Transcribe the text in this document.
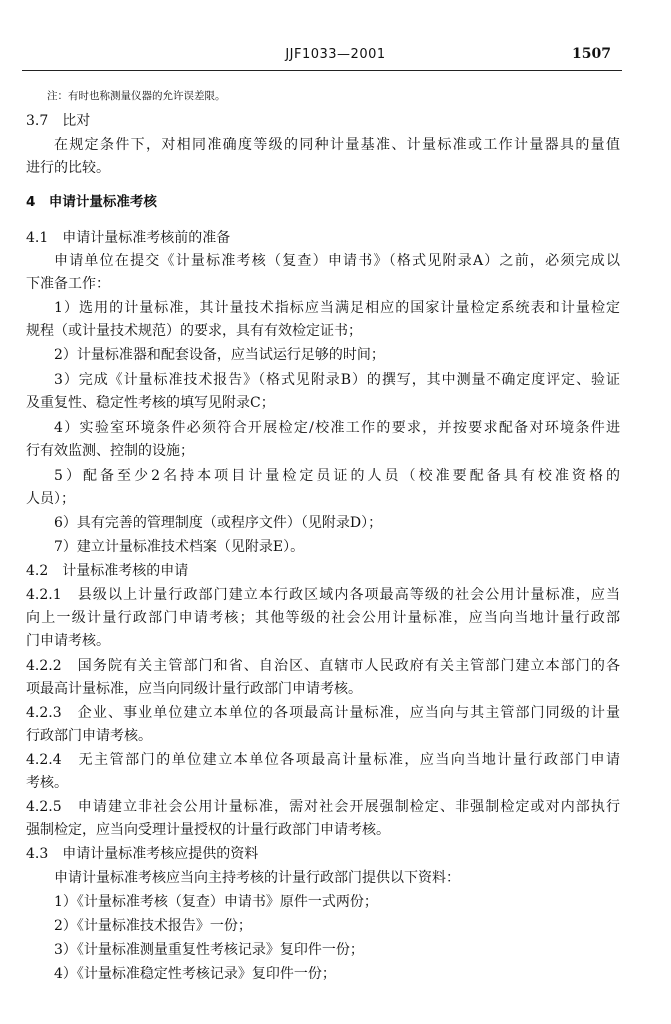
JJF1033—2001	1507
注：有时也称测量仪器的允许误差限。
3.7　比对
在规定条件下，对相同准确度等级的同种计量基准、计量标准或工作计量器具的量值
进行的比较。
4　申请计量标准考核
4.1　申请计量标准考核前的准备
申请单位在提交《计量标准考核（复查）申请书》（格式见附录A）之前，必须完成以
下准备工作：
1）选用的计量标准，其计量技术指标应当满足相应的国家计量检定系统表和计量检定
规程（或计量技术规范）的要求，具有有效检定证书；
2）计量标准器和配套设备，应当试运行足够的时间；
3）完成《计量标准技术报告》（格式见附录B）的撰写，其中测量不确定度评定、验证
及重复性、稳定性考核的填写见附录C；
4）实验室环境条件必须符合开展检定/校准工作的要求，并按要求配备对环境条件进
行有效监测、控制的设施；
5）配备至少2名持本项目计量检定员证的人员（校准要配备具有校准资格的
人员）；
6）具有完善的管理制度（或程序文件）（见附录D）；
7）建立计量标准技术档案（见附录E）。
4.2　计量标准考核的申请
4.2.1　县级以上计量行政部门建立本行政区域内各项最高等级的社会公用计量标准，应当
向上一级计量行政部门申请考核；其他等级的社会公用计量标准，应当向当地计量行政部
门申请考核。
4.2.2　国务院有关主管部门和省、自治区、直辖市人民政府有关主管部门建立本部门的各
项最高计量标准，应当向同级计量行政部门申请考核。
4.2.3　企业、事业单位建立本单位的各项最高计量标准，应当向与其主管部门同级的计量
行政部门申请考核。
4.2.4　无主管部门的单位建立本单位各项最高计量标准，应当向当地计量行政部门申请
考核。
4.2.5　申请建立非社会公用计量标准，需对社会开展强制检定、非强制检定或对内部执行
强制检定，应当向受理计量授权的计量行政部门申请考核。
4.3　申请计量标准考核应提供的资料
申请计量标准考核应当向主持考核的计量行政部门提供以下资料：
1）《计量标准考核（复查）申请书》原件一式两份；
2）《计量标准技术报告》一份；
3）《计量标准测量重复性考核记录》复印件一份；
4）《计量标准稳定性考核记录》复印件一份；
